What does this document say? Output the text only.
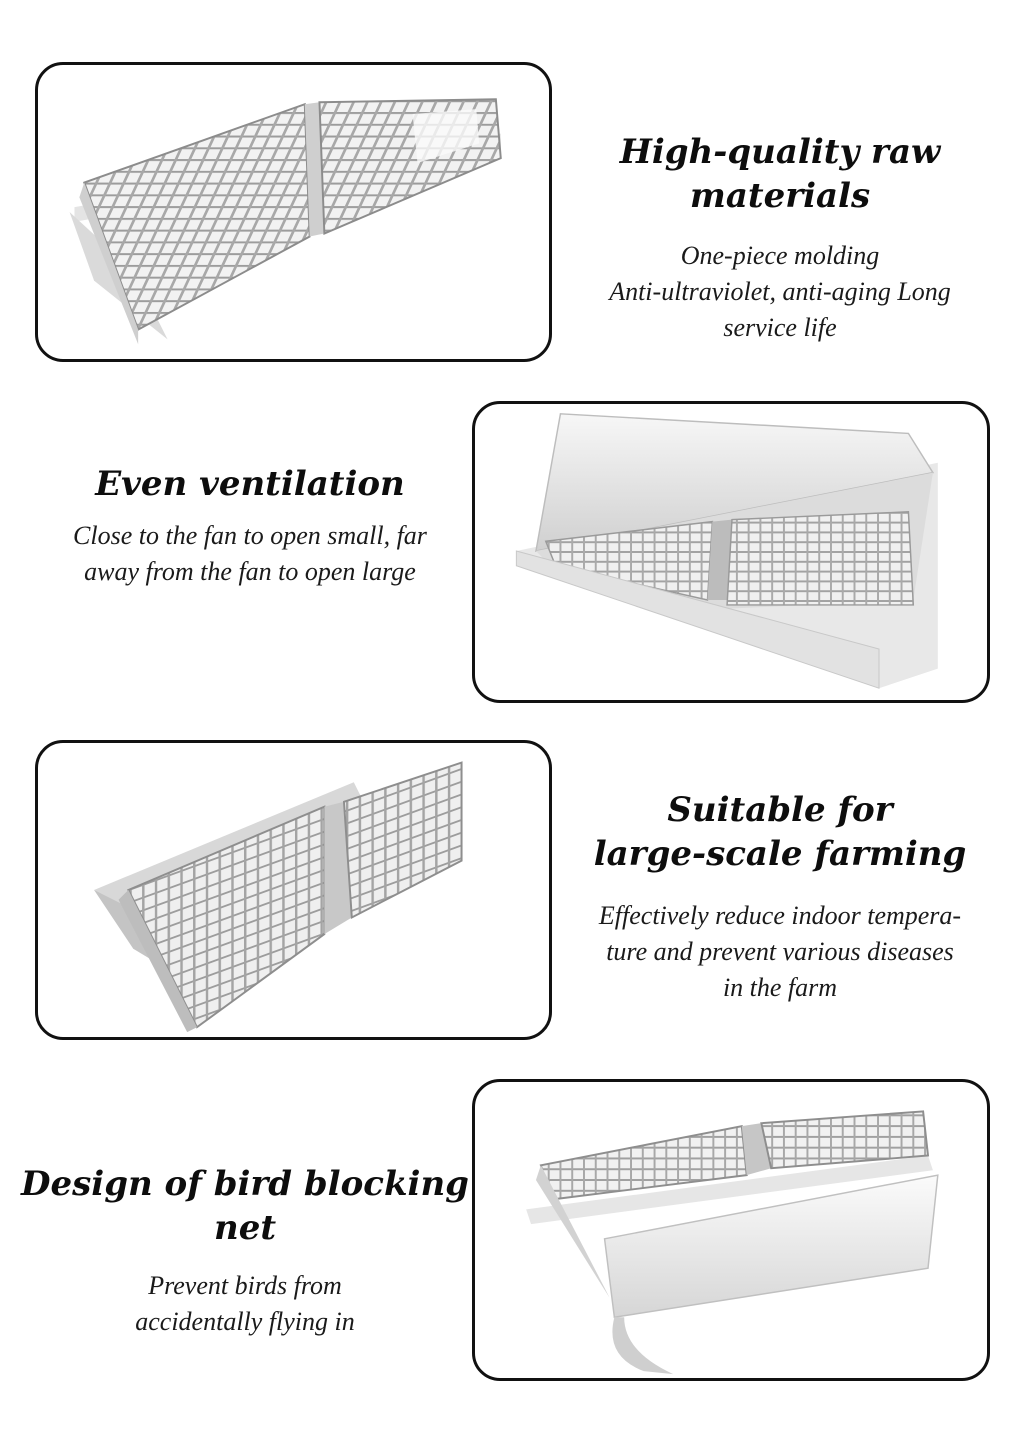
High-quality raw materials
One-piece molding
Anti-ultraviolet, anti-aging Long
service life
Even ventilation
Close to the fan to open small, far
away from the fan to open large
Suitable for
large-scale farming
Effectively reduce indoor tempera-
ture and prevent various diseases
in the farm
Design of bird blocking net
Prevent birds from
accidentally flying in
